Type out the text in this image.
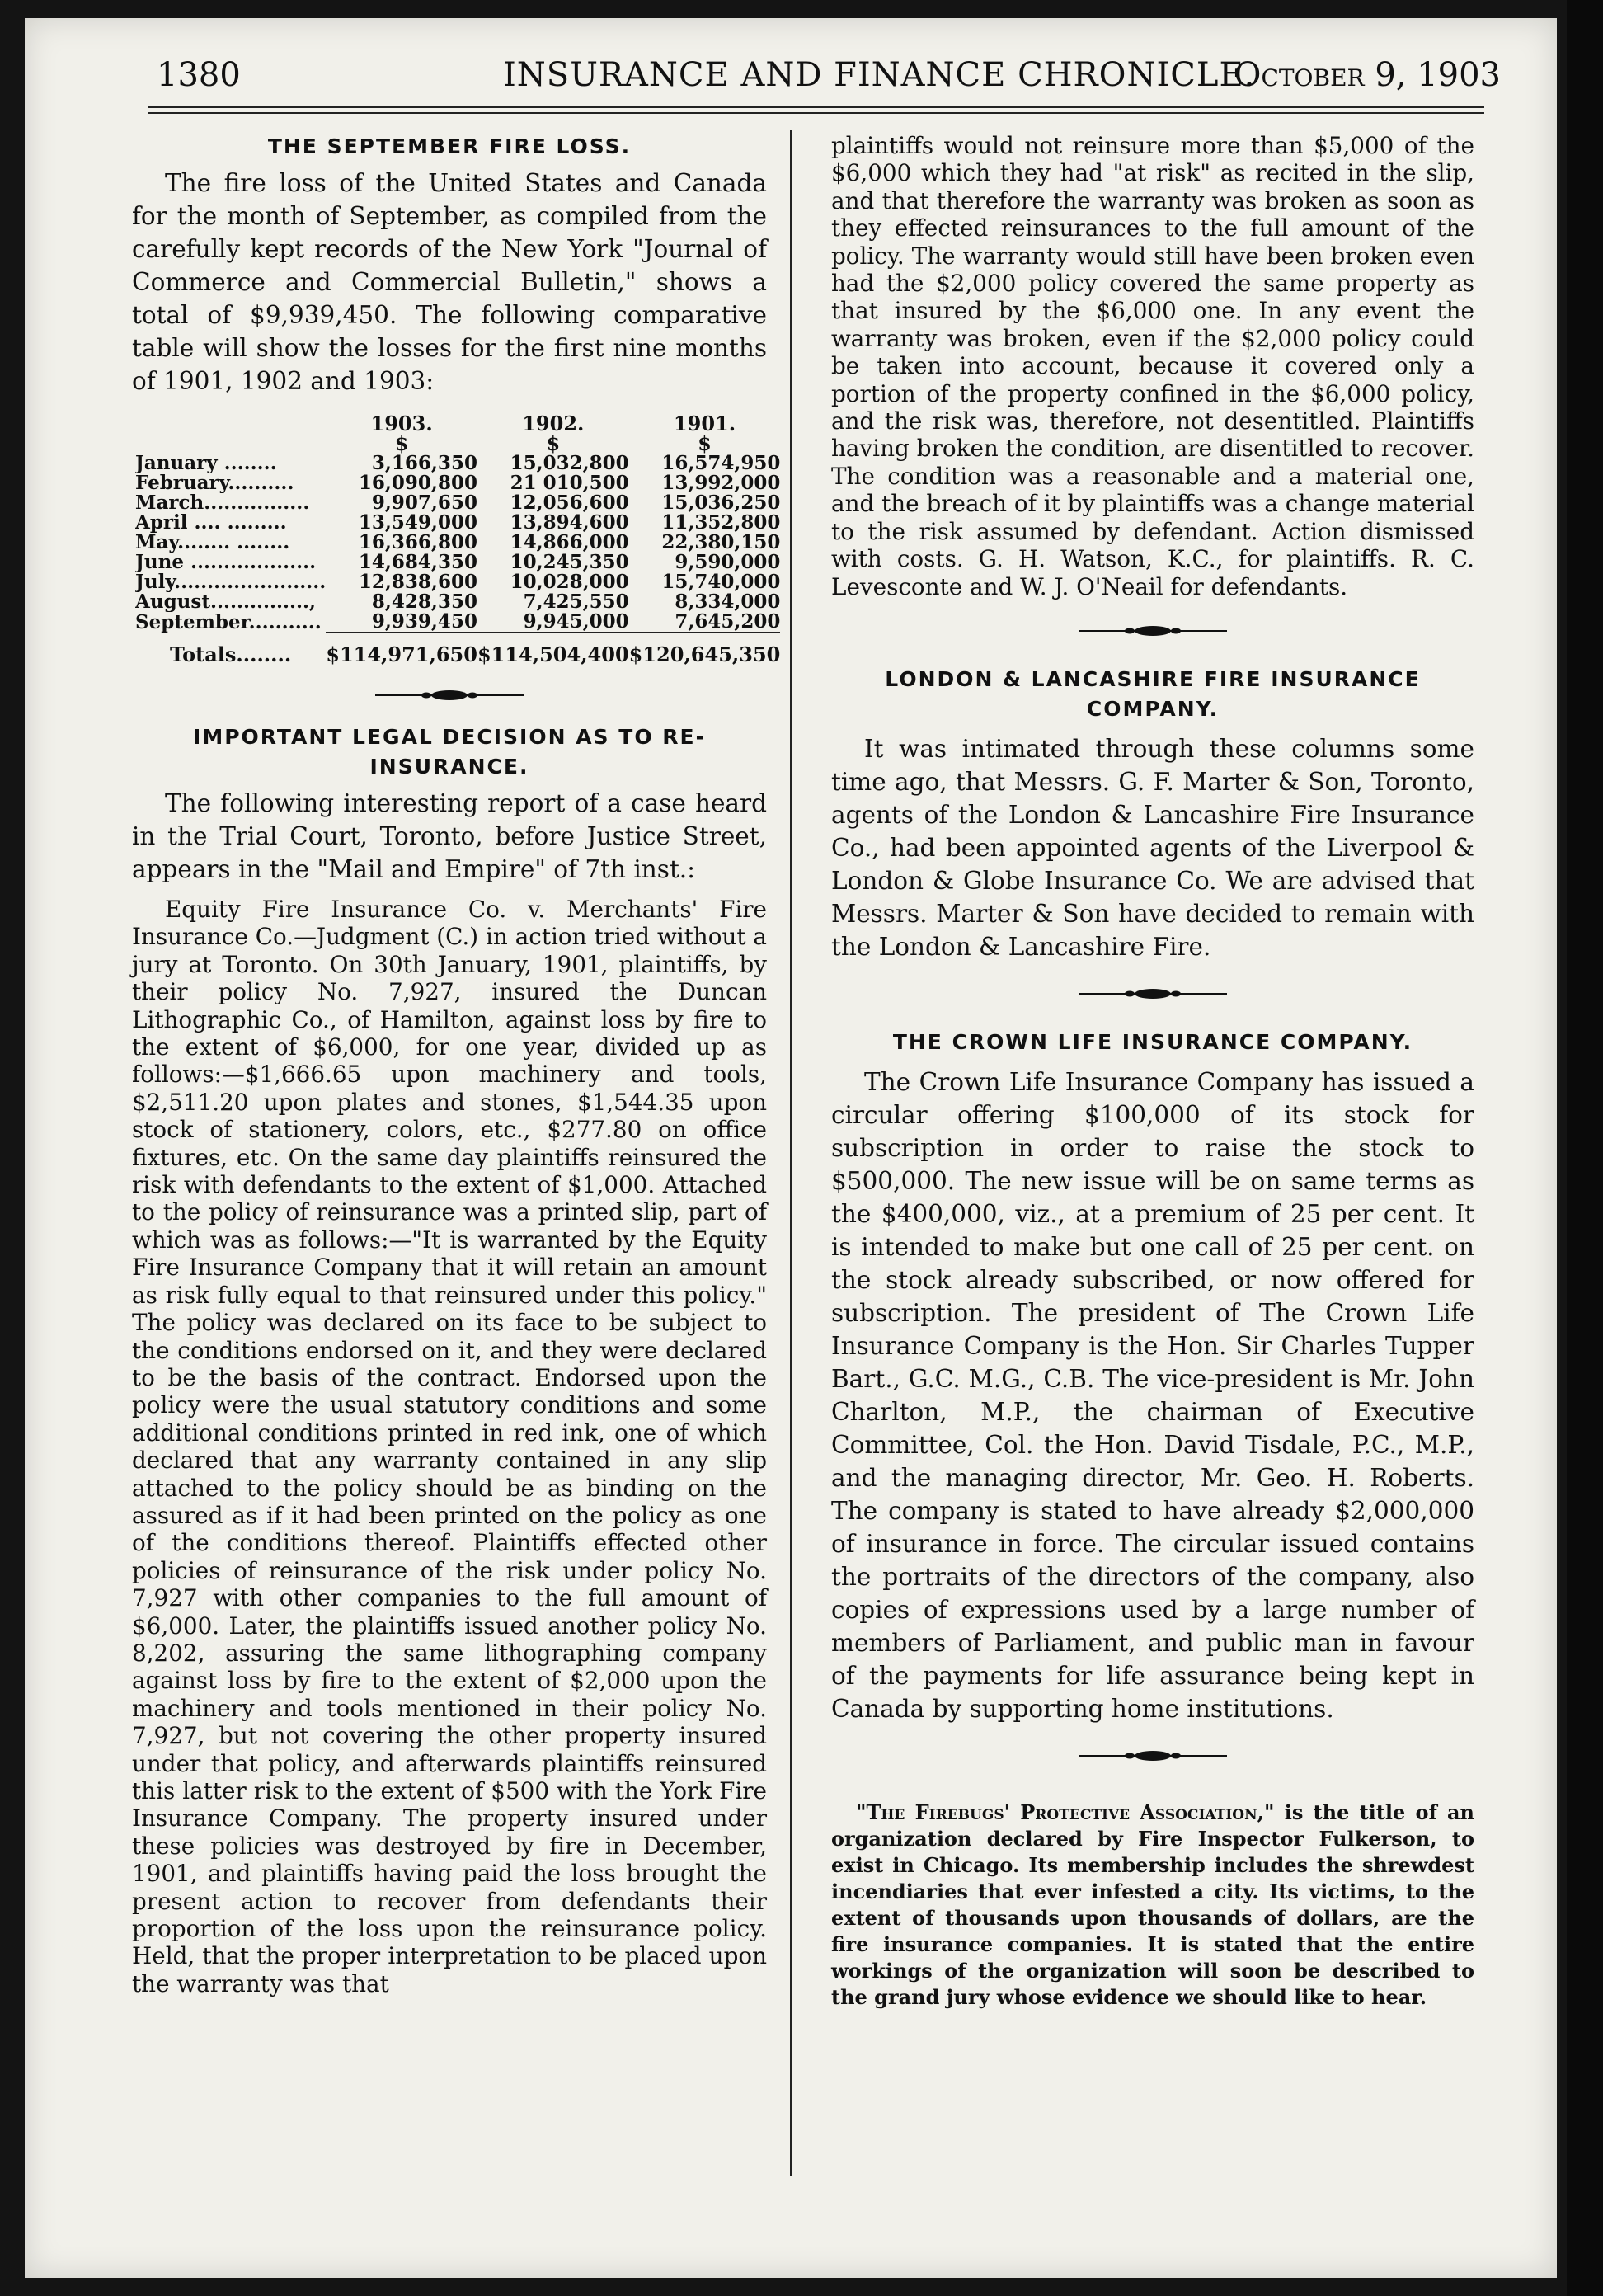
1380	INSURANCE AND FINANCE CHRONICLE.
October 9, 1903
THE SEPTEMBER FIRE LOSS.

The fire loss of the United States and Canada for the month of September, as compiled from the carefully kept records of the New York "Journal of Commerce and Commercial Bulletin," shows a total of $9,939,450. The following comparative table will show the losses for the first nine months of 1901, 1902 and 1903:

	1903.	1902.	1901.
	$	$	$
January ........	3,166,350	15,032,800	16,574,950
February..........	16,090,800	21 010,500	13,992,000
March................	9,907,650	12,056,600	15,036,250
April .... .........	13,549,000	13,894,600	11,352,800
May........ ........	16,366,800	14,866,000	22,380,150
June ...................	14,684,350	10,245,350	9,590,000
July.......................	12,838,600	10,028,000	15,740,000
August...............,	8,428,350	7,425,550	8,334,000
September...........	9,939,450	9,945,000	7,645,200
Totals........	$114,971,650	$114,504,400	$120,645,350
IMPORTANT LEGAL DECISION AS TO RE-
INSURANCE.

The following interesting report of a case heard in the Trial Court, Toronto, before Justice Street, appears in the "Mail and Empire" of 7th inst.:

Equity Fire Insurance Co. v. Merchants' Fire Insurance Co.—Judgment (C.) in action tried without a jury at Toronto. On 30th January, 1901, plaintiffs, by their policy No. 7,927, insured the Duncan Lithographic Co., of Hamilton, against loss by fire to the extent of $6,000, for one year, divided up as follows:—$1,666.65 upon machinery and tools, $2,511.20 upon plates and stones, $1,544.35 upon stock of stationery, colors, etc., $277.80 on office fixtures, etc. On the same day plaintiffs reinsured the risk with defendants to the extent of $1,000. Attached to the policy of reinsurance was a printed slip, part of which was as follows:—"It is warranted by the Equity Fire Insurance Company that it will retain an amount as risk fully equal to that reinsured under this policy." The policy was declared on its face to be subject to the conditions endorsed on it, and they were declared to be the basis of the contract. Endorsed upon the policy were the usual statutory conditions and some additional conditions printed in red ink, one of which declared that any warranty contained in any slip attached to the policy should be as binding on the assured as if it had been printed on the policy as one of the conditions thereof. Plaintiffs effected other policies of reinsurance of the risk under policy No. 7,927 with other companies to the full amount of $6,000. Later, the plaintiffs issued another policy No. 8,202, assuring the same lithographing company against loss by fire to the extent of $2,000 upon the machinery and tools mentioned in their policy No. 7,927, but not covering the other property insured under that policy, and afterwards plaintiffs reinsured this latter risk to the extent of $500 with the York Fire Insurance Company. The property insured under these policies was destroyed by fire in December, 1901, and plaintiffs having paid the loss brought the present action to recover from defendants their proportion of the loss upon the reinsurance policy. Held, that the proper interpretation to be placed upon the warranty was that

plaintiffs would not reinsure more than $5,000 of the $6,000 which they had "at risk" as recited in the slip, and that therefore the warranty was broken as soon as they effected reinsurances to the full amount of the policy. The warranty would still have been broken even had the $2,000 policy covered the same property as that insured by the $6,000 one. In any event the warranty was broken, even if the $2,000 policy could be taken into account, because it covered only a portion of the property confined in the $6,000 policy, and the risk was, therefore, not desentitled. Plaintiffs having broken the condition, are disentitled to recover. The condition was a reasonable and a material one, and the breach of it by plaintiffs was a change material to the risk assumed by defendant. Action dismissed with costs. G. H. Watson, K.C., for plaintiffs. R. C. Levesconte and W. J. O'Neail for defendants.

LONDON & LANCASHIRE FIRE INSURANCE
COMPANY.

It was intimated through these columns some time ago, that Messrs. G. F. Marter & Son, Toronto, agents of the London & Lancashire Fire Insurance Co., had been appointed agents of the Liverpool & London & Globe Insurance Co. We are advised that Messrs. Marter & Son have decided to remain with the London & Lancashire Fire.

THE CROWN LIFE INSURANCE COMPANY.

The Crown Life Insurance Company has issued a circular offering $100,000 of its stock for subscription in order to raise the stock to $500,000. The new issue will be on same terms as the $400,000, viz., at a premium of 25 per cent. It is intended to make but one call of 25 per cent. on the stock already subscribed, or now offered for subscription. The president of The Crown Life Insurance Company is the Hon. Sir Charles Tupper Bart., G.C. M.G., C.B. The vice-president is Mr. John Charlton, M.P., the chairman of Executive Committee, Col. the Hon. David Tisdale, P.C., M.P., and the managing director, Mr. Geo. H. Roberts. The company is stated to have already $2,000,000 of insurance in force. The circular issued contains the portraits of the directors of the company, also copies of expressions used by a large number of members of Parliament, and public man in favour of the payments for life assurance being kept in Canada by supporting home institutions.

"The Firebugs' Protective Association," is the title of an organization declared by Fire Inspector Fulkerson, to exist in Chicago. Its membership includes the shrewdest incendiaries that ever infested a city. Its victims, to the extent of thousands upon thousands of dollars, are the fire insurance companies. It is stated that the entire workings of the organization will soon be described to the grand jury whose evidence we should like to hear.
